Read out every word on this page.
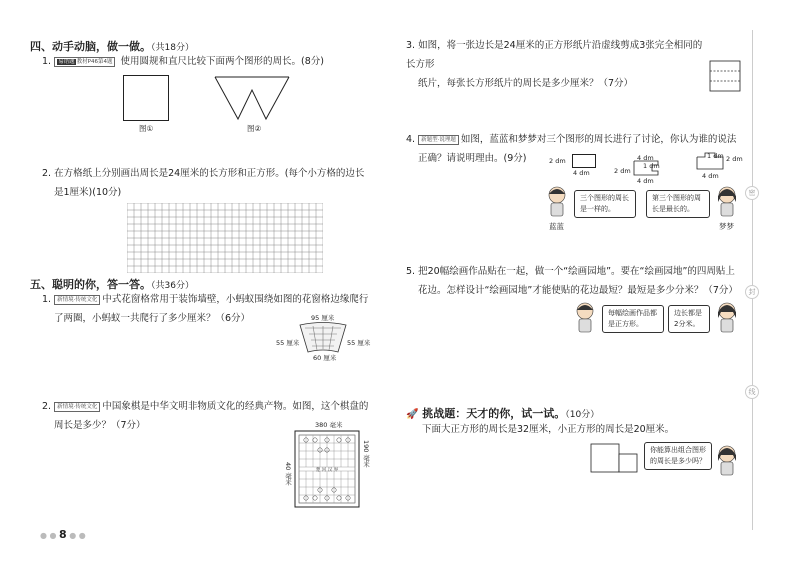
四、动手动脑，做一做。（共18分）
1. 易错题 教材P46第4题 使用圆规和直尺比较下面两个图形的周长。(8分)
图①	图②
2. 在方格纸上分别画出周长是24厘米的长方形和正方形。(每个小方格的边长
是1厘米)(10分)
五、聪明的你，答一答。（共36分）
1. 新情境·传统文化 中式花窗格常用于装饰墙壁，小蚂蚁围绕如图的花窗格边缘爬行
了两圈，小蚂蚁一共爬行了多少厘米？（6分）	95 厘米
55 厘米	55 厘米
60 厘米
2. 新情境·传统文化 中国象棋是中华文明非物质文化的经典产物。如图，这个棋盘的
周长是多少？（7分）	380 毫米
190 毫米
40 毫米	楚 河 汉 界
● ● 8 ● ●
密
封
线
3. 如图，将一张边长是24厘米的正方形纸片沿虚线剪成3张完全相同的长方形
纸片，每张长方形纸片的周长是多少厘米？（7分）
4. 新题型·说理题 如图，蓝蓝和梦梦对三个图形的周长进行了讨论，你认为谁的说法
正确？请说明理由。(9分)	2 dm
4 dm	2 dm
4 dm
1 dm
4 dm
1 dm 2 dm
4 dm
蓝蓝
三个图形的周长是一样的。
第三个图形的周长是最长的。
梦梦
5. 把20幅绘画作品贴在一起，做一个“绘画园地”。要在“绘画园地”的四周贴上
花边。怎样设计“绘画园地”才能使贴的花边最短？最短是多少分米？（7分）
每幅绘画作品都是正方形。
边长都是2分米。
🚀 挑战题：天才的你，试一试。（10分）
下面大正方形的周长是32厘米，小正方形的周长是20厘米。
你能算出组合图形的周长是多少吗？
